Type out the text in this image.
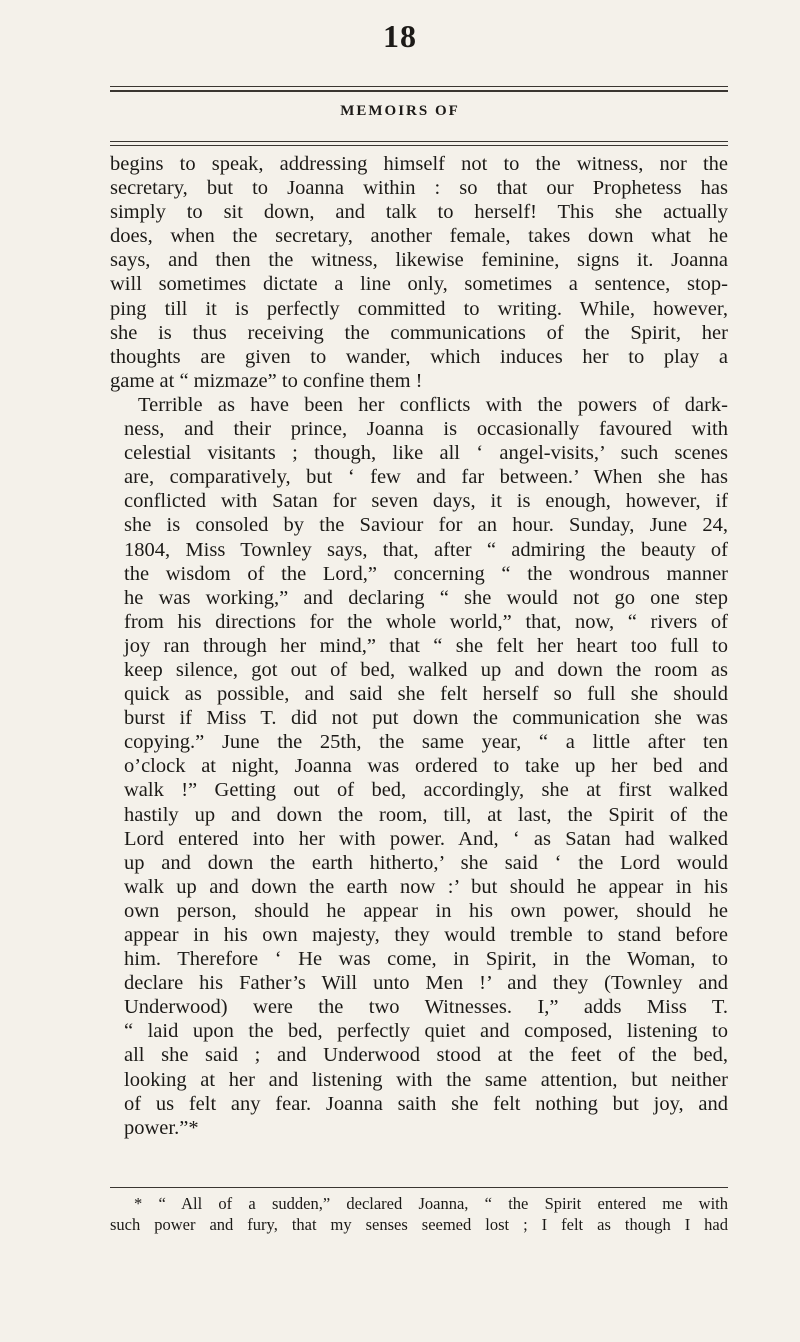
18
MEMOIRS OF

begins to speak, addressing himself not to the witness, nor the
secretary, but to Joanna within : so that our Prophetess has
simply to sit down, and talk to herself! This she actually
does, when the secretary, another female, takes down what he
says, and then the witness, likewise feminine, signs it. Joanna
will sometimes dictate a line only, sometimes a sentence, stop-
ping till it is perfectly committed to writing. While, however,
she is thus receiving the communications of the Spirit, her
thoughts are given to wander, which induces her to play a
game at “ mizmaze” to confine them !

Terrible as have been her conflicts with the powers of dark-
ness, and their prince, Joanna is occasionally favoured with
celestial visitants ; though, like all ‘ angel-visits,’ such scenes
are, comparatively, but ‘ few and far between.’ When she has
conflicted with Satan for seven days, it is enough, however, if
she is consoled by the Saviour for an hour. Sunday, June 24,
1804, Miss Townley says, that, after “ admiring the beauty of
the wisdom of the Lord,” concerning “ the wondrous manner
he was working,” and declaring “ she would not go one step
from his directions for the whole world,” that, now, “ rivers of
joy ran through her mind,” that “ she felt her heart too full to
keep silence, got out of bed, walked up and down the room as
quick as possible, and said she felt herself so full she should
burst if Miss T. did not put down the communication she was
copying.” June the 25th, the same year, “ a little after ten
o’clock at night, Joanna was ordered to take up her bed and
walk !” Getting out of bed, accordingly, she at first walked
hastily up and down the room, till, at last, the Spirit of the
Lord entered into her with power. And, ‘ as Satan had walked
up and down the earth hitherto,’ she said ‘ the Lord would
walk up and down the earth now :’ but should he appear in his
own person, should he appear in his own power, should he
appear in his own majesty, they would tremble to stand before
him. Therefore ‘ He was come, in Spirit, in the Woman, to
declare his Father’s Will unto Men !’ and they (Townley and
Underwood) were the two Witnesses. I,” adds Miss T.
“ laid upon the bed, perfectly quiet and composed, listening to
all she said ; and Underwood stood at the feet of the bed,
looking at her and listening with the same attention, but neither
of us felt any fear. Joanna saith she felt nothing but joy, and
power.”*

* “ All of a sudden,” declared Joanna, “ the Spirit entered me with
such power and fury, that my senses seemed lost ; I felt as though I had
